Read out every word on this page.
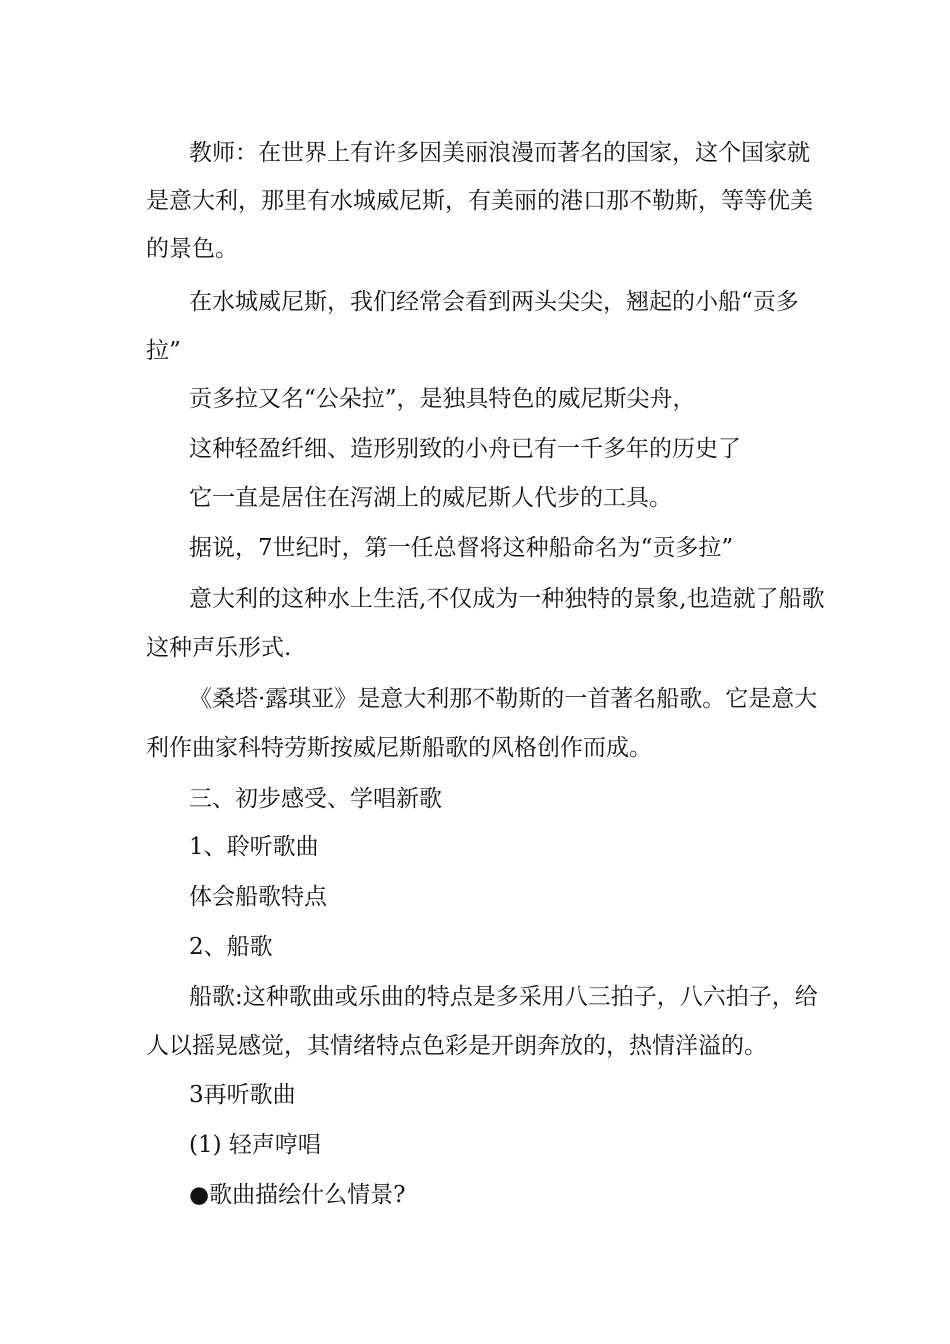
教师：在世界上有许多因美丽浪漫而著名的国家，这个国家就
是意大利，那里有水城威尼斯，有美丽的港口那不勒斯，等等优美
的景色。
在水城威尼斯，我们经常会看到两头尖尖，翘起的小船“贡多
拉”
贡多拉又名“公朵拉”，是独具特色的威尼斯尖舟，
这种轻盈纤细、造形别致的小舟已有一千多年的历史了
它一直是居住在泻湖上的威尼斯人代步的工具。
据说，7世纪时，第一任总督将这种船命名为“贡多拉”
意大利的这种水上生活,不仅成为一种独特的景象,也造就了船歌
这种声乐形式.
《桑塔·露琪亚》是意大利那不勒斯的一首著名船歌。它是意大
利作曲家科特劳斯按威尼斯船歌的风格创作而成。
三、初步感受、学唱新歌
1、聆听歌曲
体会船歌特点
2、船歌
船歌:这种歌曲或乐曲的特点是多采用八三拍子，八六拍子，给
人以摇晃感觉，其情绪特点色彩是开朗奔放的，热情洋溢的。
3再听歌曲
(1) 轻声哼唱
●歌曲描绘什么情景?
